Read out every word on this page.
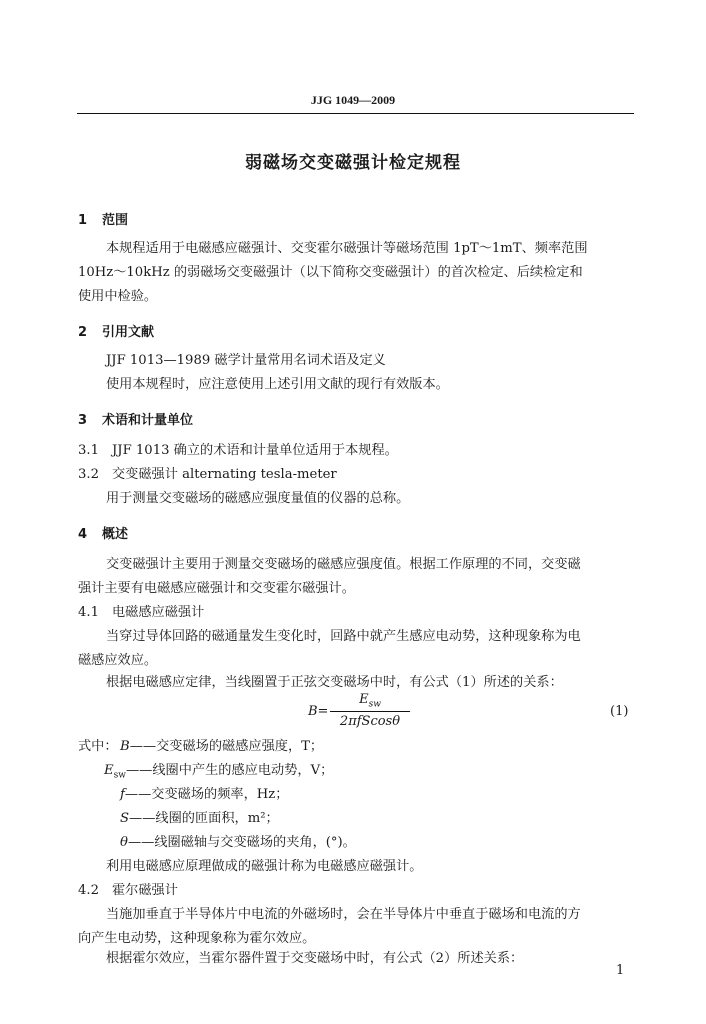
JJG 1049—2009
弱磁场交变磁强计检定规程
1 范围
本规程适用于电磁感应磁强计、交变霍尔磁强计等磁场范围 1pT～1mT、频率范围
10Hz～10kHz 的弱磁场交变磁强计（以下简称交变磁强计）的首次检定、后续检定和
使用中检验。
2 引用文献
JJF 1013—1989 磁学计量常用名词术语及定义
使用本规程时，应注意使用上述引用文献的现行有效版本。
3 术语和计量单位
3.1 JJF 1013 确立的术语和计量单位适用于本规程。
3.2 交变磁强计 alternating tesla-meter
用于测量交变磁场的磁感应强度量值的仪器的总称。
4 概述
交变磁强计主要用于测量交变磁场的磁感应强度值。根据工作原理的不同，交变磁
强计主要有电磁感应磁强计和交变霍尔磁强计。
4.1 电磁感应磁强计
当穿过导体回路的磁通量发生变化时，回路中就产生感应电动势，这种现象称为电
磁感应效应。
根据电磁感应定律，当线圈置于正弦交变磁场中时，有公式（1）所述的关系：
B=
$E_{sw}$
2πfScosθ
(1)
式中： B——交变磁场的磁感应强度，T；
$E_{sw}——$线圈中产生的感应电动势，V；
f——交变磁场的频率，Hz；
S——线圈的匝面积，m²；
θ——线圈磁轴与交变磁场的夹角，(°)。
利用电磁感应原理做成的磁强计称为电磁感应磁强计。
4.2 霍尔磁强计
当施加垂直于半导体片中电流的外磁场时，会在半导体片中垂直于磁场和电流的方
向产生电动势，这种现象称为霍尔效应。
根据霍尔效应，当霍尔器件置于交变磁场中时，有公式（2）所述关系：
1
